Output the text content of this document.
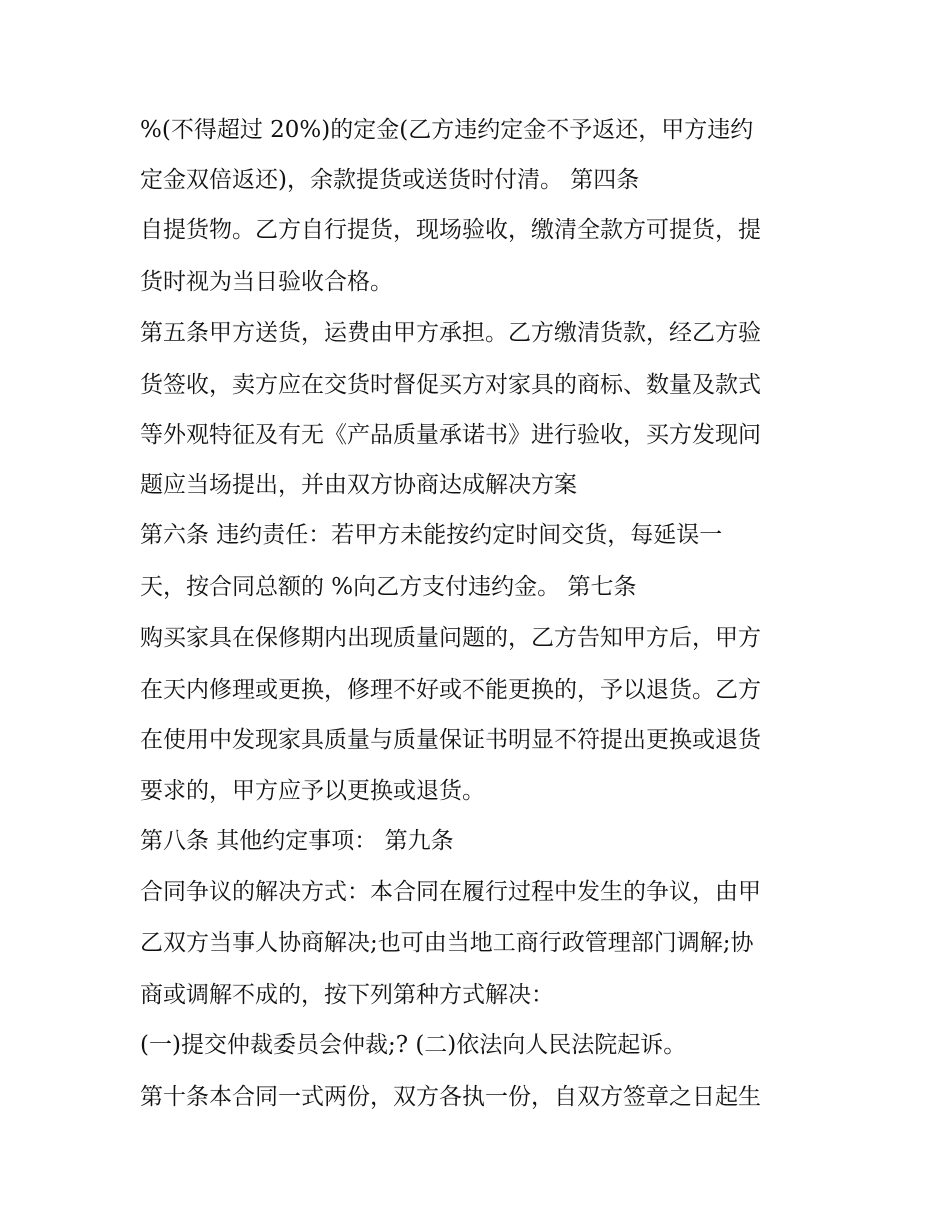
%(不得超过 20%)的定金(乙方违约定金不予返还，甲方违约
定金双倍返还)，余款提货或送货时付清。 第四条
自提货物。乙方自行提货，现场验收，缴清全款方可提货，提
货时视为当日验收合格。
第五条甲方送货，运费由甲方承担。乙方缴清货款，经乙方验
货签收，卖方应在交货时督促买方对家具的商标、数量及款式
等外观特征及有无《产品质量承诺书》进行验收，买方发现问
题应当场提出，并由双方协商达成解决方案
第六条 违约责任：若甲方未能按约定时间交货，每延误一
天，按合同总额的 %向乙方支付违约金。 第七条
购买家具在保修期内出现质量问题的，乙方告知甲方后，甲方
在天内修理或更换，修理不好或不能更换的，予以退货。乙方
在使用中发现家具质量与质量保证书明显不符提出更换或退货
要求的，甲方应予以更换或退货。
第八条 其他约定事项： 第九条
合同争议的解决方式：本合同在履行过程中发生的争议，由甲
乙双方当事人协商解决;也可由当地工商行政管理部门调解;协
商或调解不成的，按下列第种方式解决：
(一)提交仲裁委员会仲裁;? (二)依法向人民法院起诉。
第十条本合同一式两份，双方各执一份，自双方签章之日起生
